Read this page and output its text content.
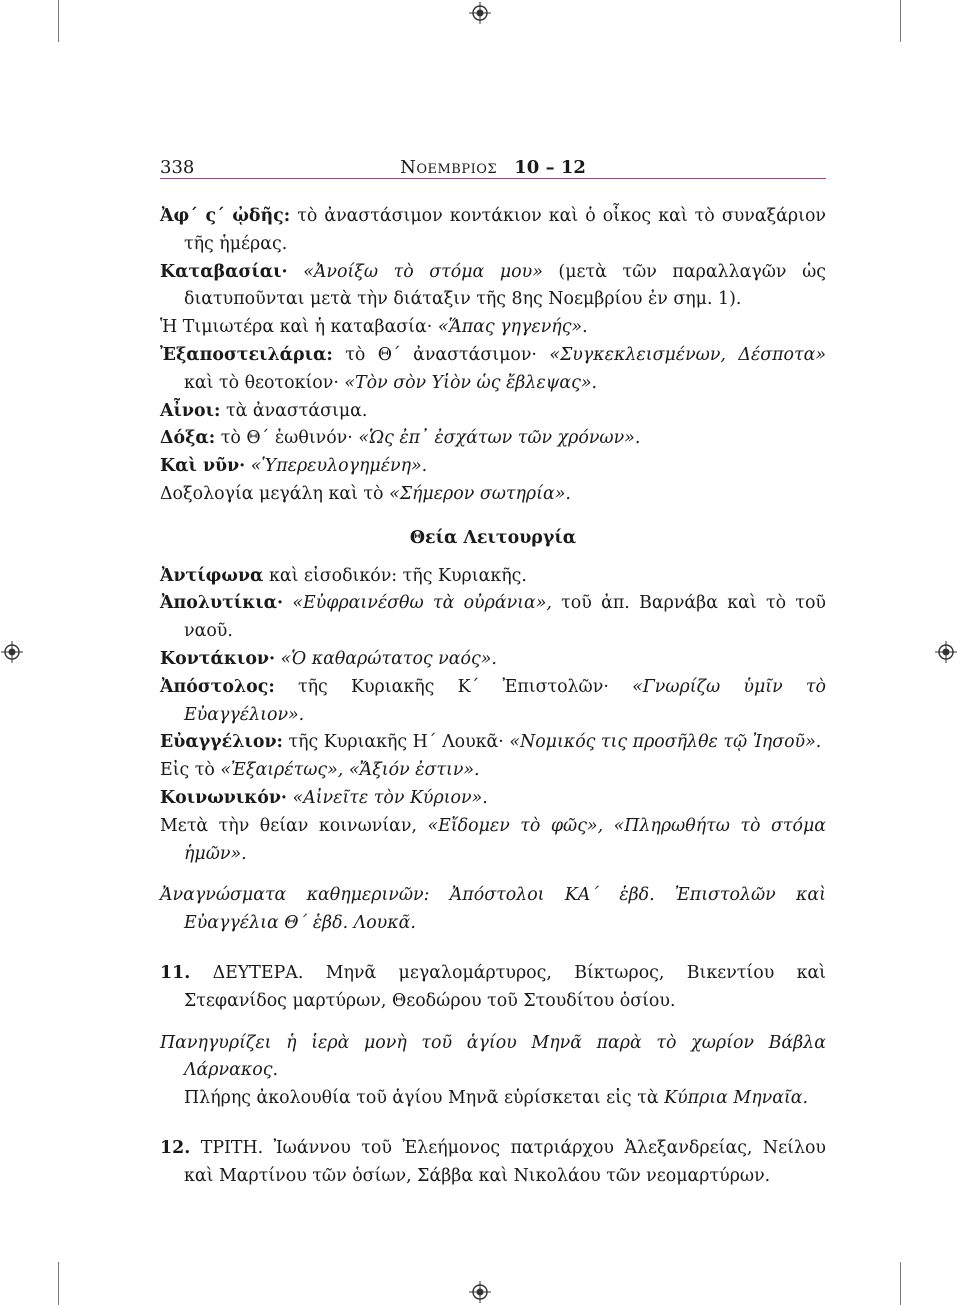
338	Νοεμβριος 10 – 12

Ἀφ΄ ς΄ ᾠδῆς: τὸ ἀναστάσιμον κοντάκιον καὶ ὁ οἶκος καὶ τὸ συναξάριον τῆς ἡμέρας.

Καταβασίαι· «Ἀνοίξω τὸ στόμα μου» (μετὰ τῶν παραλλαγῶν ὡς διατυποῦνται μετὰ τὴν διάταξιν τῆς 8ης Νοεμβρίου ἐν σημ. 1).

Ἡ Τιμιωτέρα καὶ ἡ καταβασία· «Ἅπας γηγενής».

Ἐξαποστειλάρια: τὸ Θ΄ ἀναστάσιμον· «Συγκεκλεισμένων, Δέσποτα» καὶ τὸ θεοτοκίον· «Τὸν σὸν Υἱὸν ὡς ἔβλεψας».

Αἶνοι: τὰ ἀναστάσιμα.

Δόξα: τὸ Θ΄ ἑωθινόν· «Ὡς ἐπ᾽ ἐσχάτων τῶν χρόνων».

Καὶ νῦν· «Ὑπερευλογημένη».

Δοξολογία μεγάλη καὶ τὸ «Σήμερον σωτηρία».

Θεία Λειτουργία

Ἀντίφωνα καὶ εἰσοδικόν: τῆς Κυριακῆς.

Ἀπολυτίκια· «Εὐφραινέσθω τὰ οὐράνια», τοῦ ἀπ. Βαρνάβα καὶ τὸ τοῦ ναοῦ.

Κοντάκιον· «Ὁ καθαρώτατος ναός».

Ἀπόστολος: τῆς Κυριακῆς Κ΄ Ἐπιστολῶν· «Γνωρίζω ὑμῖν τὸ Εὐαγγέλιον».

Εὐαγγέλιον: τῆς Κυριακῆς Η΄ Λουκᾶ· «Νομικός τις προσῆλθε τῷ Ἰησοῦ».

Εἰς τὸ «Ἐξαιρέτως», «Ἄξιόν ἐστιν».

Κοινωνικόν· «Αἰνεῖτε τὸν Κύριον».

Μετὰ τὴν θείαν κοινωνίαν, «Εἴδομεν τὸ φῶς», «Πληρωθήτω τὸ στόμα ἡμῶν».

Ἀναγνώσματα καθημερινῶν: Ἀπόστολοι ΚΑ΄ ἑβδ. Ἐπιστολῶν καὶ Εὐαγγέλια Θ΄ ἑβδ. Λουκᾶ.

11. ΔΕΥΤΕΡΑ. Μηνᾶ μεγαλομάρτυρος, Βίκτωρος, Βικεντίου καὶ Στεφανίδος μαρτύρων, Θεοδώρου τοῦ Στουδίτου ὁσίου.

Πανηγυρίζει ἡ ἱερὰ μονὴ τοῦ ἁγίου Μηνᾶ παρὰ τὸ χωρίον Βάβλα Λάρνακος.

Πλήρης ἀκολουθία τοῦ ἁγίου Μηνᾶ εὑρίσκεται εἰς τὰ Κύπρια Μηναῖα.

12. ΤΡΙΤΗ. Ἰωάννου τοῦ Ἐλεήμονος πατριάρχου Ἀλεξανδρείας, Νείλου καὶ Μαρτίνου τῶν ὁσίων, Σάββα καὶ Νικολάου τῶν νεομαρτύρων.
